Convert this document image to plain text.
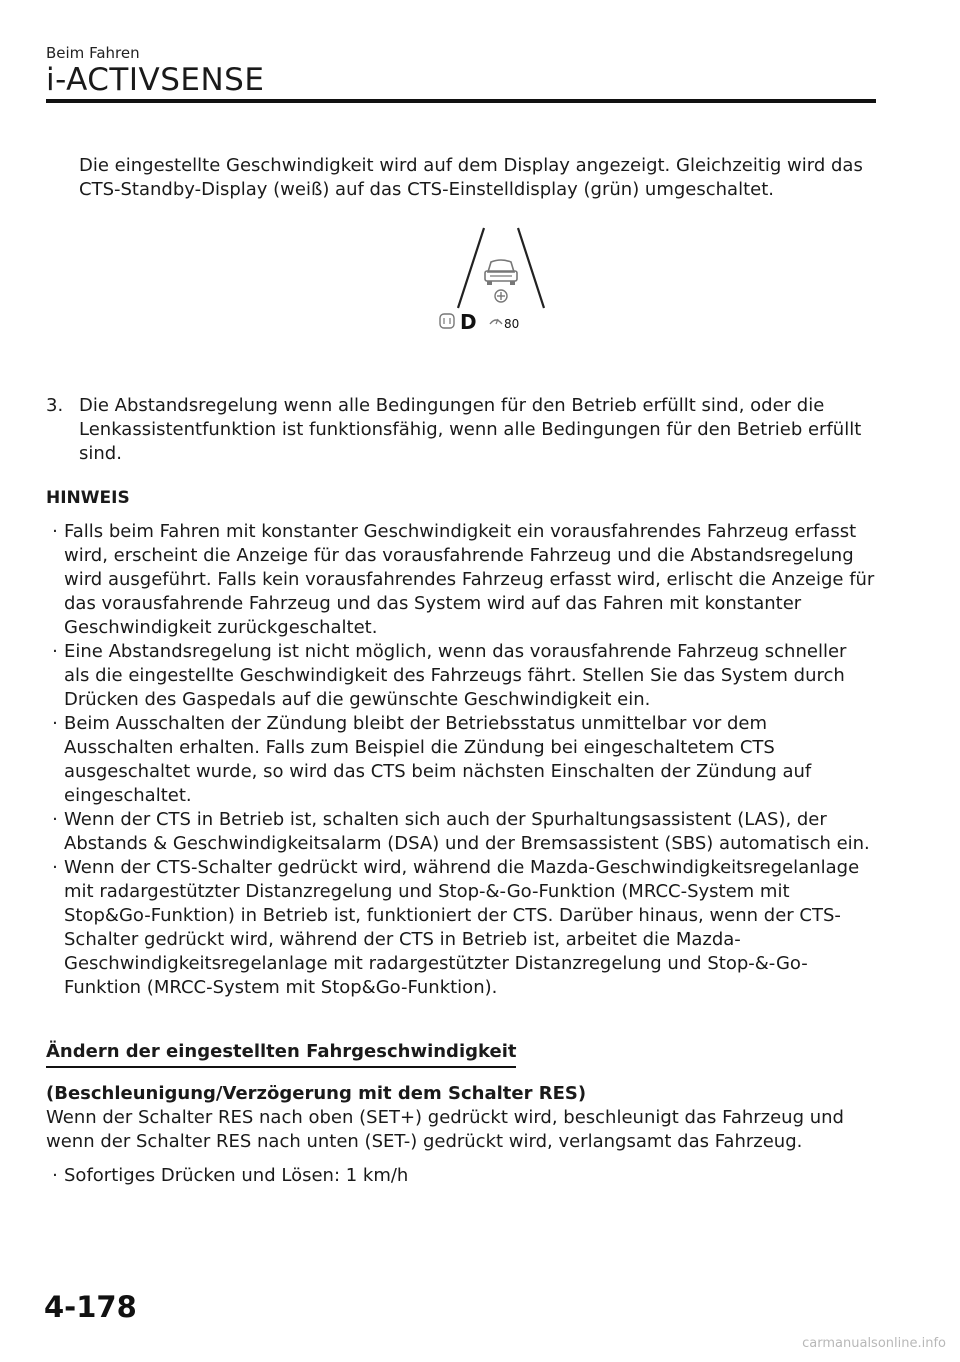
Beim Fahren
i-ACTIVSENSE
Die eingestellte Geschwindigkeit wird auf dem Display angezeigt. Gleichzeitig wird das CTS-Standby-Display (weiß) auf das CTS-Einstelldisplay (grün) umgeschaltet.
D 80
3. Die Abstandsregelung wenn alle Bedingungen für den Betrieb erfüllt sind, oder die Lenkassistentfunktion ist funktionsfähig, wenn alle Bedingungen für den Betrieb erfüllt sind.
HINWEIS
· Falls beim Fahren mit konstanter Geschwindigkeit ein vorausfahrendes Fahrzeug erfasst wird, erscheint die Anzeige für das vorausfahrende Fahrzeug und die Abstandsregelung wird ausgeführt. Falls kein vorausfahrendes Fahrzeug erfasst wird, erlischt die Anzeige für das vorausfahrende Fahrzeug und das System wird auf das Fahren mit konstanter Geschwindigkeit zurückgeschaltet.
· Eine Abstandsregelung ist nicht möglich, wenn das vorausfahrende Fahrzeug schneller als die eingestellte Geschwindigkeit des Fahrzeugs fährt. Stellen Sie das System durch Drücken des Gaspedals auf die gewünschte Geschwindigkeit ein.
· Beim Ausschalten der Zündung bleibt der Betriebsstatus unmittelbar vor dem Ausschalten erhalten. Falls zum Beispiel die Zündung bei eingeschaltetem CTS ausgeschaltet wurde, so wird das CTS beim nächsten Einschalten der Zündung auf eingeschaltet.
· Wenn der CTS in Betrieb ist, schalten sich auch der Spurhaltungsassistent (LAS), der Abstands & Geschwindigkeitsalarm (DSA) und der Bremsassistent (SBS) automatisch ein.
· Wenn der CTS-Schalter gedrückt wird, während die Mazda-Geschwindigkeitsregelanlage mit radargestützter Distanzregelung und Stop-&-Go-Funktion (MRCC-System mit Stop&Go-Funktion) in Betrieb ist, funktioniert der CTS. Darüber hinaus, wenn der CTS-Schalter gedrückt wird, während der CTS in Betrieb ist, arbeitet die Mazda-Geschwindigkeitsregelanlage mit radargestützter Distanzregelung und Stop-&-Go-Funktion (MRCC-System mit Stop&Go-Funktion).
Ändern der eingestellten Fahrgeschwindigkeit
(Beschleunigung/Verzögerung mit dem Schalter RES)
Wenn der Schalter RES nach oben (SET+) gedrückt wird, beschleunigt das Fahrzeug und wenn der Schalter RES nach unten (SET-) gedrückt wird, verlangsamt das Fahrzeug.
· Sofortiges Drücken und Lösen: 1 km/h
4-178
carmanualsonline.info
